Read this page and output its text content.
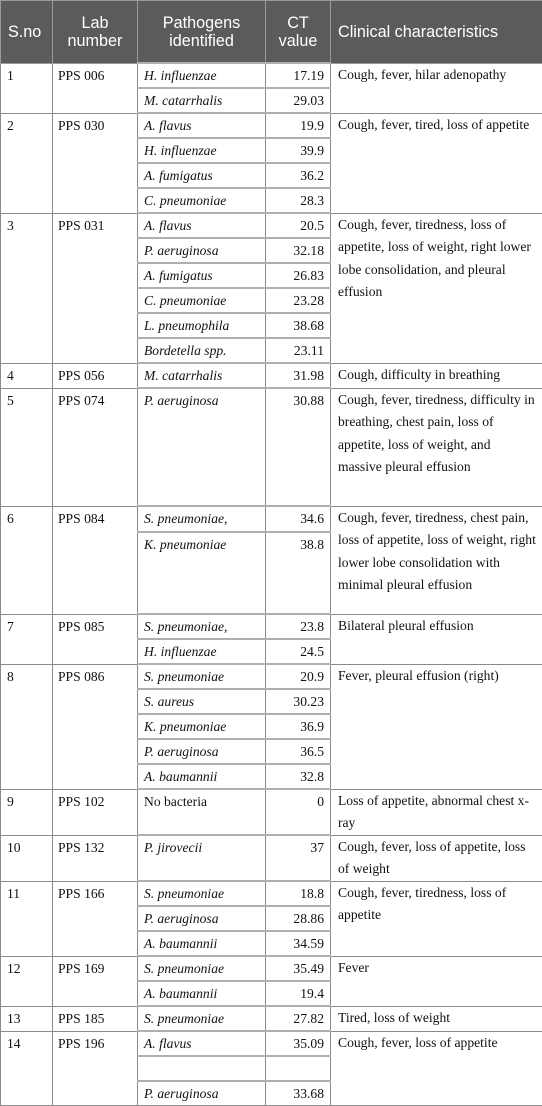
S.no	Lab number	Pathogens identified	CT value	Clinical characteristics
1	PPS 006	H. influenzae	17.19	Cough, fever, hilar adenopathy
		M. catarrhalis	29.03	
2	PPS 030	A. flavus	19.9	Cough, fever, tired, loss of appetite
		H. influenzae	39.9	
		A. fumigatus	36.2	
		C. pneumoniae	28.3	
3	PPS 031	A. flavus	20.5	Cough, fever, tiredness, loss of appetite, loss of weight, right lower lobe consolidation, and pleural effusion
		P. aeruginosa	32.18	
		A. fumigatus	26.83	
		C. pneumoniae	23.28	
		L. pneumophila	38.68	
		Bordetella spp.	23.11	
4	PPS 056	M. catarrhalis	31.98	Cough, difficulty in breathing
5	PPS 074	P. aeruginosa	30.88	Cough, fever, tiredness, difficulty in breathing, chest pain, loss of appetite, loss of weight, and massive pleural effusion
6	PPS 084	S. pneumoniae,	34.6	Cough, fever, tiredness, chest pain, loss of appetite, loss of weight, right lower lobe consolidation with minimal pleural effusion
		K. pneumoniae	38.8	
7	PPS 085	S. pneumoniae,	23.8	Bilateral pleural effusion
		H. influenzae	24.5	
8	PPS 086	S. pneumoniae	20.9	Fever, pleural effusion (right)
		S. aureus	30.23	
		K. pneumoniae	36.9	
		P. aeruginosa	36.5	
		A. baumannii	32.8	
9	PPS 102	No bacteria	0	Loss of appetite, abnormal chest x-ray
10	PPS 132	P. jirovecii	37	Cough, fever, loss of appetite, loss of weight
11	PPS 166	S. pneumoniae	18.8	Cough, fever, tiredness, loss of appetite
		P. aeruginosa	28.86	
		A. baumannii	34.59	
12	PPS 169	S. pneumoniae	35.49	Fever
		A. baumannii	19.4	
13	PPS 185	S. pneumoniae	27.82	Tired, loss of weight
14	PPS 196	A. flavus	35.09	Cough, fever, loss of appetite

		P. aeruginosa	33.68	
